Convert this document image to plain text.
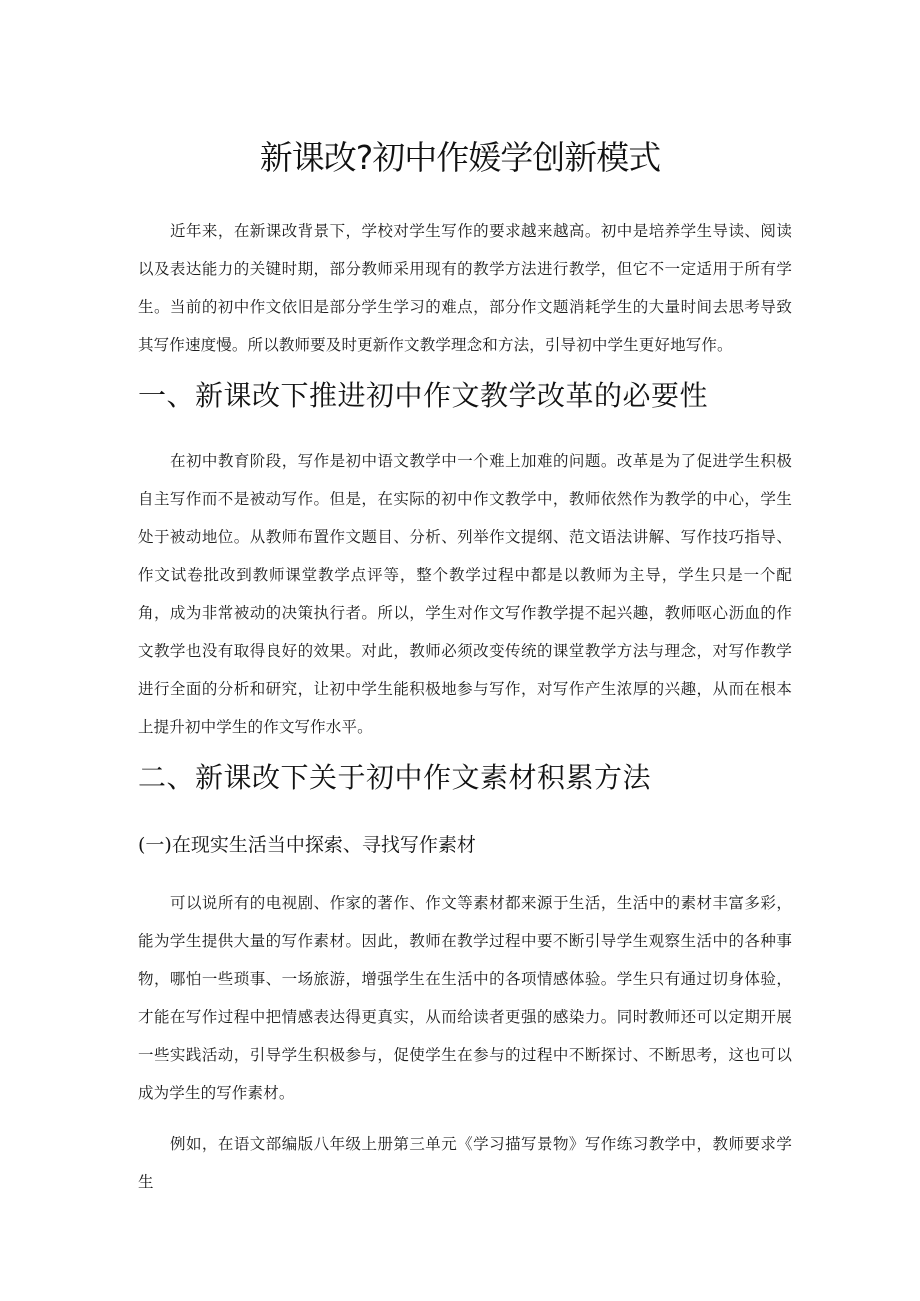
新课改?初中作媛学创新模式

近年来，在新课改背景下，学校对学生写作的要求越来越高。初中是培养学生导读、阅读以及表达能力的关键时期，部分教师采用现有的教学方法进行教学，但它不一定适用于所有学生。当前的初中作文依旧是部分学生学习的难点，部分作文题消耗学生的大量时间去思考导致其写作速度慢。所以教师要及时更新作文教学理念和方法，引导初中学生更好地写作。

一、新课改下推进初中作文教学改革的必要性

在初中教育阶段，写作是初中语文教学中一个难上加难的问题。改革是为了促进学生积极自主写作而不是被动写作。但是，在实际的初中作文教学中，教师依然作为教学的中心，学生处于被动地位。从教师布置作文题目、分析、列举作文提纲、范文语法讲解、写作技巧指导、作文试卷批改到教师课堂教学点评等，整个教学过程中都是以教师为主导，学生只是一个配角，成为非常被动的决策执行者。所以，学生对作文写作教学提不起兴趣，教师呕心沥血的作文教学也没有取得良好的效果。对此，教师必须改变传统的课堂教学方法与理念，对写作教学进行全面的分析和研究，让初中学生能积极地参与写作，对写作产生浓厚的兴趣，从而在根本上提升初中学生的作文写作水平。

二、新课改下关于初中作文素材积累方法
(一)在现实生活当中探索、寻找写作素材

可以说所有的电视剧、作家的著作、作文等素材都来源于生活，生活中的素材丰富多彩，能为学生提供大量的写作素材。因此，教师在教学过程中要不断引导学生观察生活中的各种事物，哪怕一些琐事、一场旅游，增强学生在生活中的各项情感体验。学生只有通过切身体验，才能在写作过程中把情感表达得更真实，从而给读者更强的感染力。同时教师还可以定期开展一些实践活动，引导学生积极参与，促使学生在参与的过程中不断探讨、不断思考，这也可以成为学生的写作素材。

例如，在语文部编版八年级上册第三单元《学习描写景物》写作练习教学中，教师要求学生
